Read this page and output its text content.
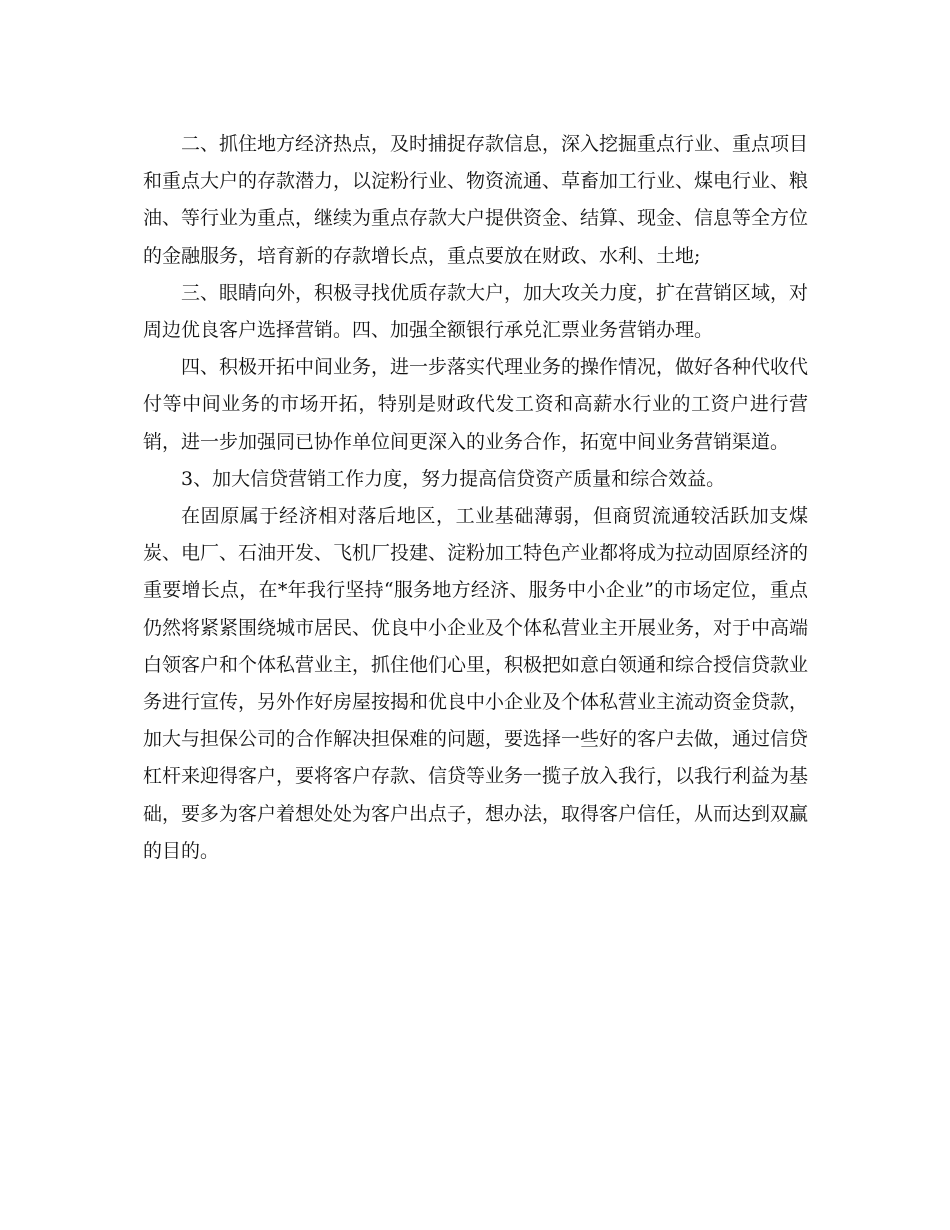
二、抓住地方经济热点，及时捕捉存款信息，深入挖掘重点行业、重点项目和重点大户的存款潜力，以淀粉行业、物资流通、草畜加工行业、煤电行业、粮油、等行业为重点，继续为重点存款大户提供资金、结算、现金、信息等全方位的金融服务，培育新的存款增长点，重点要放在财政、水利、土地;

三、眼睛向外，积极寻找优质存款大户，加大攻关力度，扩在营销区域，对周边优良客户选择营销。四、加强全额银行承兑汇票业务营销办理。

四、积极开拓中间业务，进一步落实代理业务的操作情况，做好各种代收代付等中间业务的市场开拓，特别是财政代发工资和高薪水行业的工资户进行营销，进一步加强同已协作单位间更深入的业务合作，拓宽中间业务营销渠道。

3、加大信贷营销工作力度，努力提高信贷资产质量和综合效益。

在固原属于经济相对落后地区，工业基础薄弱，但商贸流通较活跃加支煤炭、电厂、石油开发、飞机厂投建、淀粉加工特色产业都将成为拉动固原经济的重要增长点，在*年我行坚持“服务地方经济、服务中小企业”的市场定位，重点仍然将紧紧围绕城市居民、优良中小企业及个体私营业主开展业务，对于中高端白领客户和个体私营业主，抓住他们心里，积极把如意白领通和综合授信贷款业务进行宣传，另外作好房屋按揭和优良中小企业及个体私营业主流动资金贷款，加大与担保公司的合作解决担保难的问题，要选择一些好的客户去做，通过信贷杠杆来迎得客户，要将客户存款、信贷等业务一揽子放入我行，以我行利益为基础，要多为客户着想处处为客户出点子，想办法，取得客户信任，从而达到双赢的目的。
